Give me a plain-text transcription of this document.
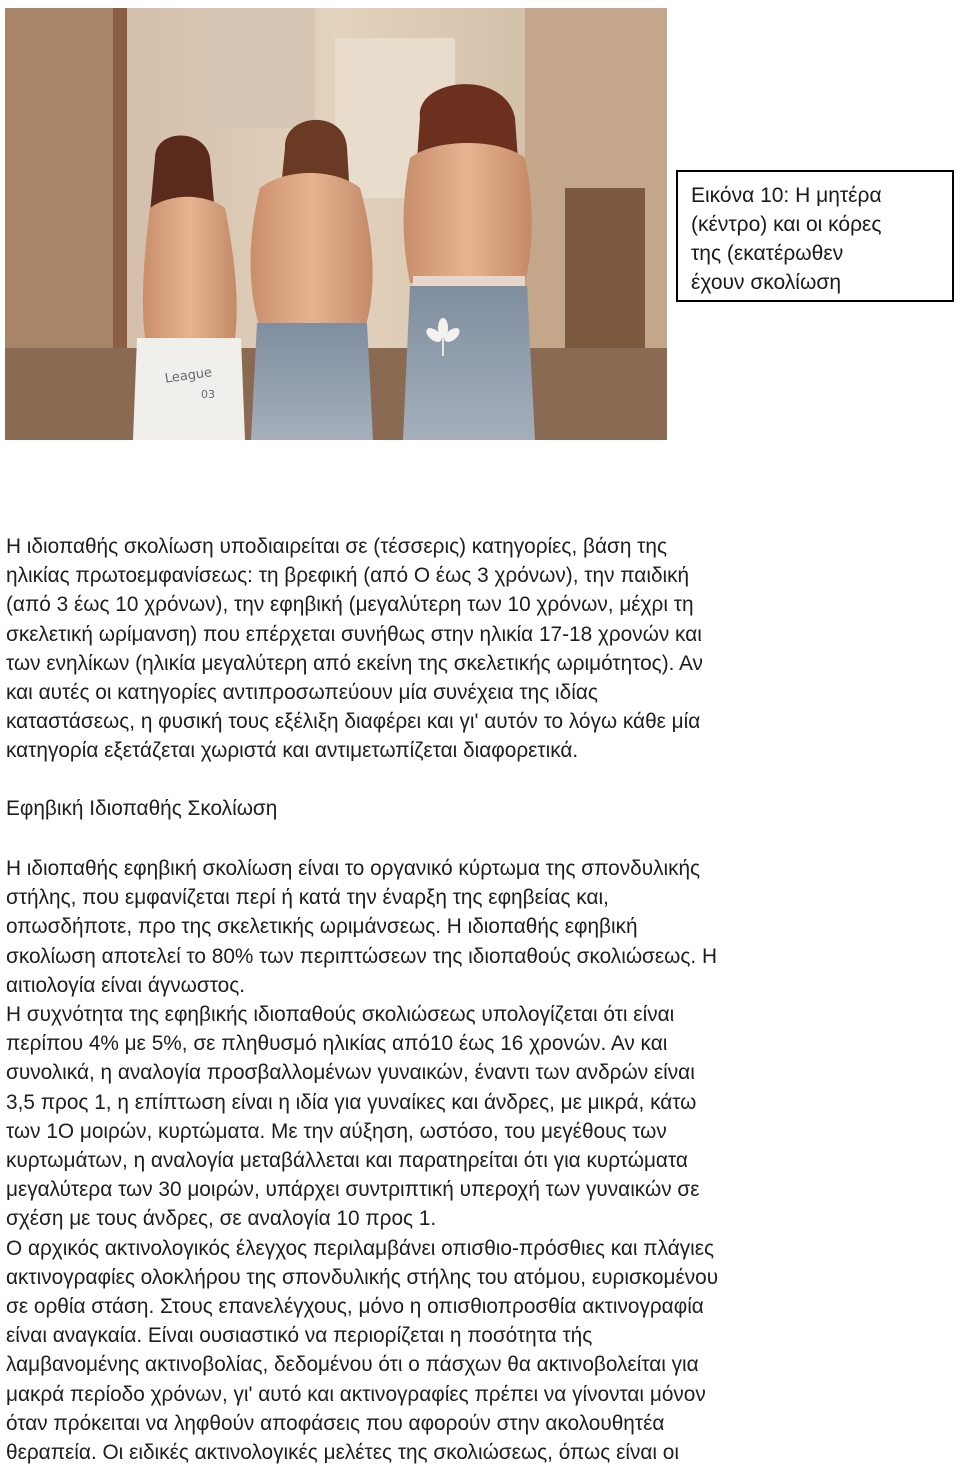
League
03
Εικόνα 10: Η μητέρα
(κέντρο) και οι κόρες
της (εκατέρωθεν
έχουν σκολίωση
Η ιδιοπαθής σκολίωση υποδιαιρείται σε (τέσσερις) κατηγορίες, βάση της
ηλικίας πρωτοεμφανίσεως: τη βρεφική (από Ο έως 3 χρόνων), την παιδική
(από 3 έως 10 χρόνων), την εφηβική (μεγαλύτερη των 10 χρόνων, μέχρι τη
σκελετική ωρίμανση) που επέρχεται συνήθως στην ηλικία 17-18 χρονών και
των ενηλίκων (ηλικία μεγαλύτερη από εκείνη της σκελετικής ωριμότητος). Αν
και αυτές οι κατηγορίες αντιπροσωπεύουν μία συνέχεια της ιδίας
καταστάσεως, η φυσική τους εξέλιξη διαφέρει και γι' αυτόν το λόγω κάθε μία
κατηγορία εξετάζεται χωριστά και αντιμετωπίζεται διαφορετικά.
Εφηβική Ιδιοπαθής Σκολίωση
Η ιδιοπαθής εφηβική σκολίωση είναι το οργανικό κύρτωμα της σπονδυλικής
στήλης, που εμφανίζεται περί ή κατά την έναρξη της εφηβείας και,
οπωσδήποτε, προ της σκελετικής ωριμάνσεως. Η ιδιοπαθής εφηβική
σκολίωση αποτελεί το 80% των περιπτώσεων της ιδιοπαθούς σκολιώσεως. Η
αιτιολογία είναι άγνωστος.
Η συχνότητα της εφηβικής ιδιοπαθούς σκολιώσεως υπολογίζεται ότι είναι
περίπου 4% με 5%, σε πληθυσμό ηλικίας από10 έως 16 χρονών. Αν και
συνολικά, η αναλογία προσβαλλομένων γυναικών, έναντι των ανδρών είναι
3,5 προς 1, η επίπτωση είναι η ιδία για γυναίκες και άνδρες, με μικρά, κάτω
των 1Ο μοιρών, κυρτώματα. Με την αύξηση, ωστόσο, του μεγέθους των
κυρτωμάτων, η αναλογία μεταβάλλεται και παρατηρείται ότι για κυρτώματα
μεγαλύτερα των 30 μοιρών, υπάρχει συντριπτική υπεροχή των γυναικών σε
σχέση με τους άνδρες, σε αναλογία 10 προς 1.
Ο αρχικός ακτινολογικός έλεγχος περιλαμβάνει οπισθιο-πρόσθιες και πλάγιες
ακτινογραφίες ολοκλήρου της σπονδυλικής στήλης του ατόμου, ευρισκομένου
σε ορθία στάση. Στους επανελέγχους, μόνο η οπισθιοπροσθία ακτινογραφία
είναι αναγκαία. Είναι ουσιαστικό να περιορίζεται η ποσότητα τής
λαμβανομένης ακτινοβολίας, δεδομένου ότι ο πάσχων θα ακτινοβολείται για
μακρά περίοδο χρόνων, γι' αυτό και ακτινογραφίες πρέπει να γίνονται μόνον
όταν πρόκειται να ληφθούν αποφάσεις που αφορούν στην ακολουθητέα
θεραπεία. Οι ειδικές ακτινολογικές μελέτες της σκολιώσεως, όπως είναι οι
